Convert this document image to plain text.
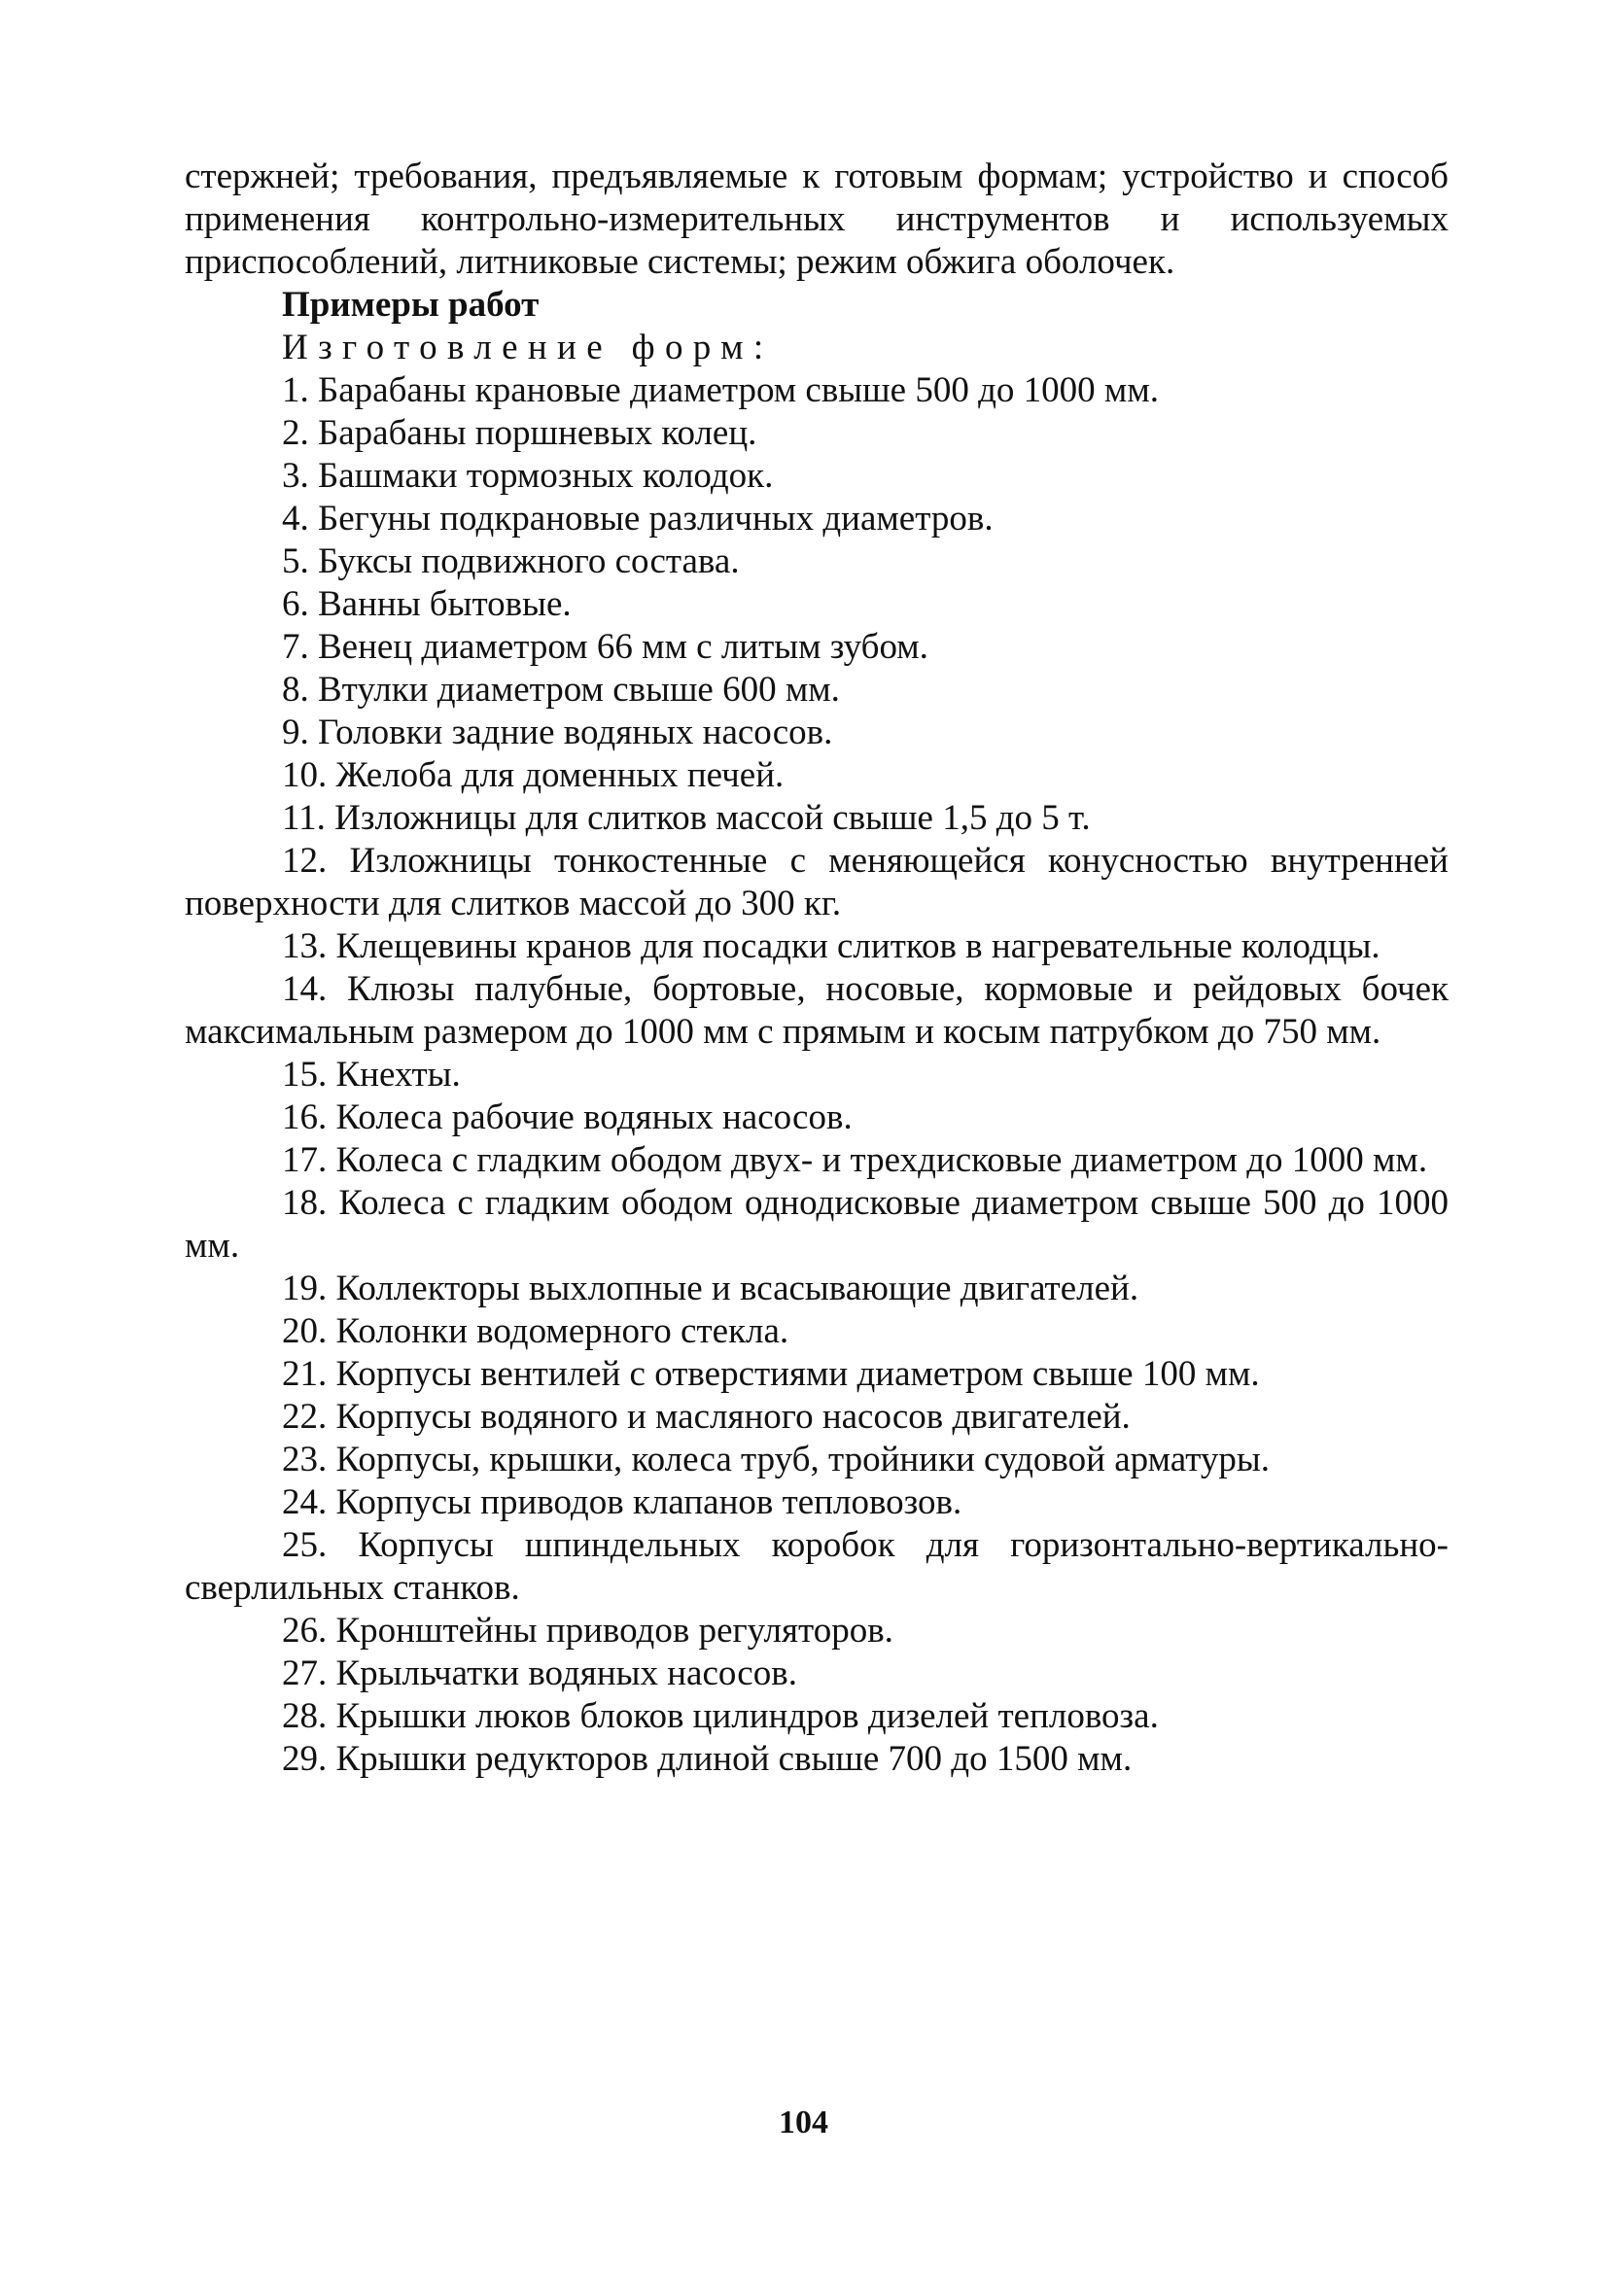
стержней; требования, предъявляемые к готовым формам; устройство и способ применения контрольно-измерительных инструментов и используемых приспособлений, литниковые системы; режим обжига оболочек.

Примеры работ

Изготовление форм:

1. Барабаны крановые диаметром свыше 500 до 1000 мм.
2. Барабаны поршневых колец.
3. Башмаки тормозных колодок.
4. Бегуны подкрановые различных диаметров.
5. Буксы подвижного состава.
6. Ванны бытовые.
7. Венец диаметром 66 мм с литым зубом.
8. Втулки диаметром свыше 600 мм.
9. Головки задние водяных насосов.
10. Желоба для доменных печей.
11. Изложницы для слитков массой свыше 1,5 до 5 т.
12. Изложницы тонкостенные с меняющейся конусностью внутренней поверхности для слитков массой до 300 кг.
13. Клещевины кранов для посадки слитков в нагревательные колодцы.
14. Клюзы палубные, бортовые, носовые, кормовые и рейдовых бочек максимальным размером до 1000 мм с прямым и косым патрубком до 750 мм.
15. Кнехты.
16. Колеса рабочие водяных насосов.
17. Колеса с гладким ободом двух- и трехдисковые диаметром до 1000 мм.
18. Колеса с гладким ободом однодисковые диаметром свыше 500 до 1000 мм.
19. Коллекторы выхлопные и всасывающие двигателей.
20. Колонки водомерного стекла.
21. Корпусы вентилей с отверстиями диаметром свыше 100 мм.
22. Корпусы водяного и масляного насосов двигателей.
23. Корпусы, крышки, колеса труб, тройники судовой арматуры.
24. Корпусы приводов клапанов тепловозов.
25. Корпусы шпиндельных коробок для горизонтально-вертикально-сверлильных станков.
26. Кронштейны приводов регуляторов.
27. Крыльчатки водяных насосов.
28. Крышки люков блоков цилиндров дизелей тепловоза.
29. Крышки редукторов длиной свыше 700 до 1500 мм.
104
